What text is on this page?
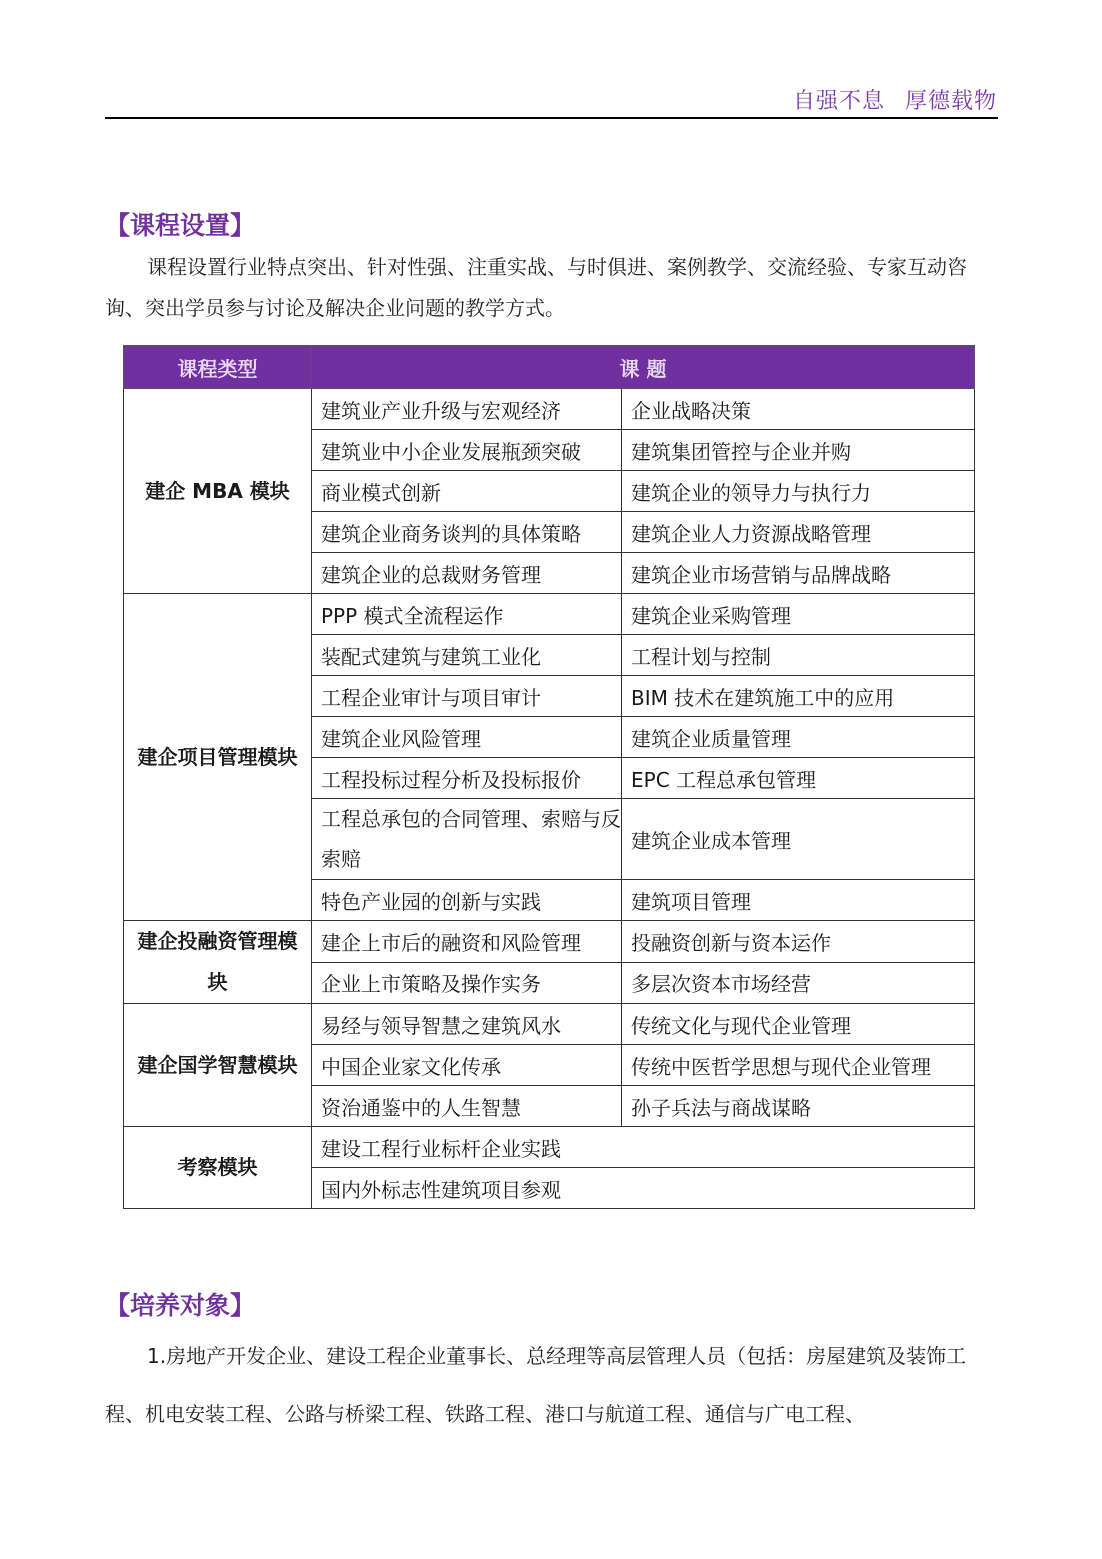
自强不息 厚德载物
【课程设置】
课程设置行业特点突出、针对性强、注重实战、与时俱进、案例教学、交流经验、专家互动咨询、突出学员参与讨论及解决企业问题的教学方式。
课程类型	课 题	
建企 MBA 模块	建筑业产业升级与宏观经济	企业战略决策
	建筑业中小企业发展瓶颈突破	建筑集团管控与企业并购
	商业模式创新	建筑企业的领导力与执行力
	建筑企业商务谈判的具体策略	建筑企业人力资源战略管理
	建筑企业的总裁财务管理	建筑企业市场营销与品牌战略
建企项目管理模块	PPP 模式全流程运作	建筑企业采购管理
	装配式建筑与建筑工业化	工程计划与控制
	工程企业审计与项目审计	BIM 技术在建筑施工中的应用
	建筑企业风险管理	建筑企业质量管理
	工程投标过程分析及投标报价	EPC 工程总承包管理
	工程总承包的合同管理、索赔与反索赔	建筑企业成本管理
	特色产业园的创新与实践	建筑项目管理
建企投融资管理模块	建企上市后的融资和风险管理	投融资创新与资本运作
	企业上市策略及操作实务	多层次资本市场经营
建企国学智慧模块	易经与领导智慧之建筑风水	传统文化与现代企业管理
	中国企业家文化传承	传统中医哲学思想与现代企业管理
	资治通鉴中的人生智慧	孙子兵法与商战谋略
考察模块	建设工程行业标杆企业实践	
	国内外标志性建筑项目参观	
【培养对象】
1.房地产开发企业、建设工程企业董事长、总经理等高层管理人员（包括：房屋建筑及装饰工程、机电安装工程、公路与桥梁工程、铁路工程、港口与航道工程、通信与广电工程、
